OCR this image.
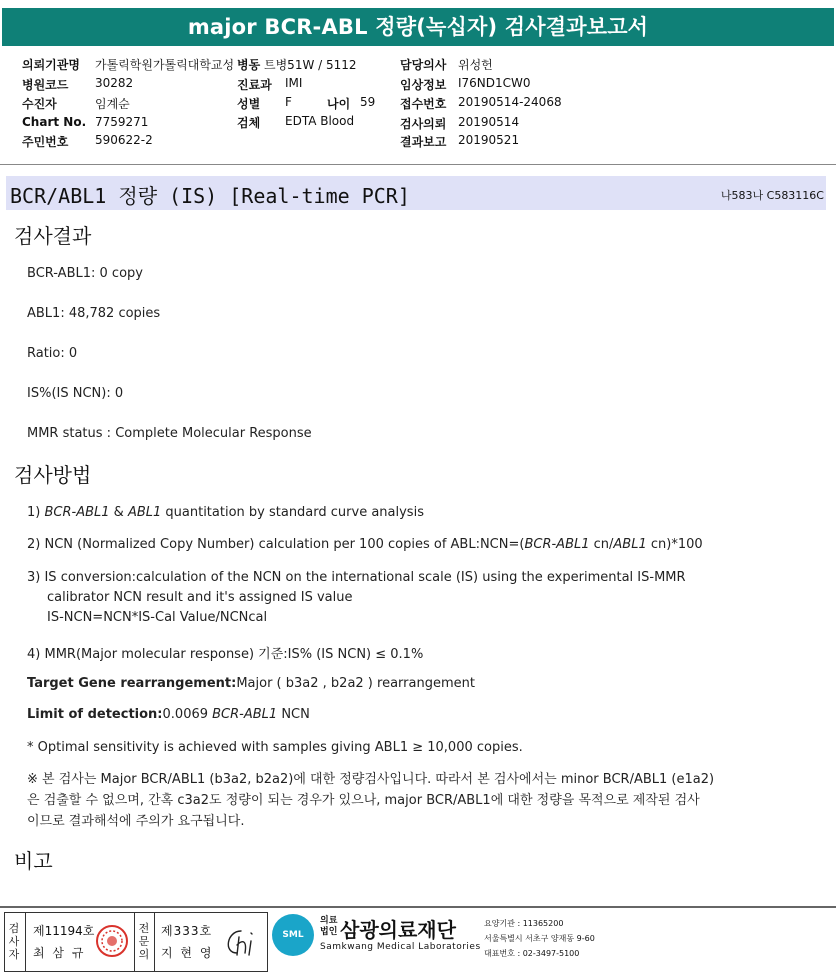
major BCR-ABL 정량(녹십자) 검사결과보고서
의뢰기관명 가톨릭학원가톨릭대학교성 병동 트병51W / 5112	담당의사 위성헌
병원코드 30282	진료과 IMI	임상정보 I76ND1CW0
수진자	임계순	성별 F	나이 59 접수번호 20190514-24068
Chart No. 7759271	검체 EDTA Blood	검사의뢰 20190514
주민번호 590622-2	결과보고 20190521
BCR/ABL1 정량 (IS) [Real-time PCR]	나583나 C583116C
검사결과
BCR-ABL1: 0 copy
ABL1: 48,782 copies
Ratio: 0
IS%(IS NCN): 0
MMR status : Complete Molecular Response
검사방법
1) BCR-ABL1 & ABL1 quantitation by standard curve analysis
2) NCN (Normalized Copy Number) calculation per 100 copies of ABL:NCN=(BCR-ABL1 cn/ABL1 cn)*100
3) IS conversion:calculation of the NCN on the international scale (IS) using the experimental IS-MMR
calibrator NCN result and it's assigned IS value
IS-NCN=NCN*IS-Cal Value/NCNcal
4) MMR(Major molecular response) 기준:IS% (IS NCN) ≤ 0.1%
Target Gene rearrangement:Major ( b3a2 , b2a2 ) rearrangement
Limit of detection:0.0069 BCR-ABL1 NCN
* Optimal sensitivity is achieved with samples giving ABL1 ≥ 10,000 copies.
※ 본 검사는 Major BCR/ABL1 (b3a2, b2a2)에 대한 정량검사입니다. 따라서 본 검사에서는 minor BCR/ABL1 (e1a2)
은 검출할 수 없으며, 간혹 c3a2도 정량이 되는 경우가 있으나, major BCR/ABL1에 대한 정량을 목적으로 제작된 검사
이므로 결과해석에 주의가 요구됩니다.
비고
검사자
제11194호
최 삼 규
전문의
제333호
지 현 영
SML
의료법인 삼광의료재단
Samkwang Medical Laboratories
요양기관 : 11365200
서울특별시 서초구 양재동 9-60
대표번호 : 02-3497-5100
